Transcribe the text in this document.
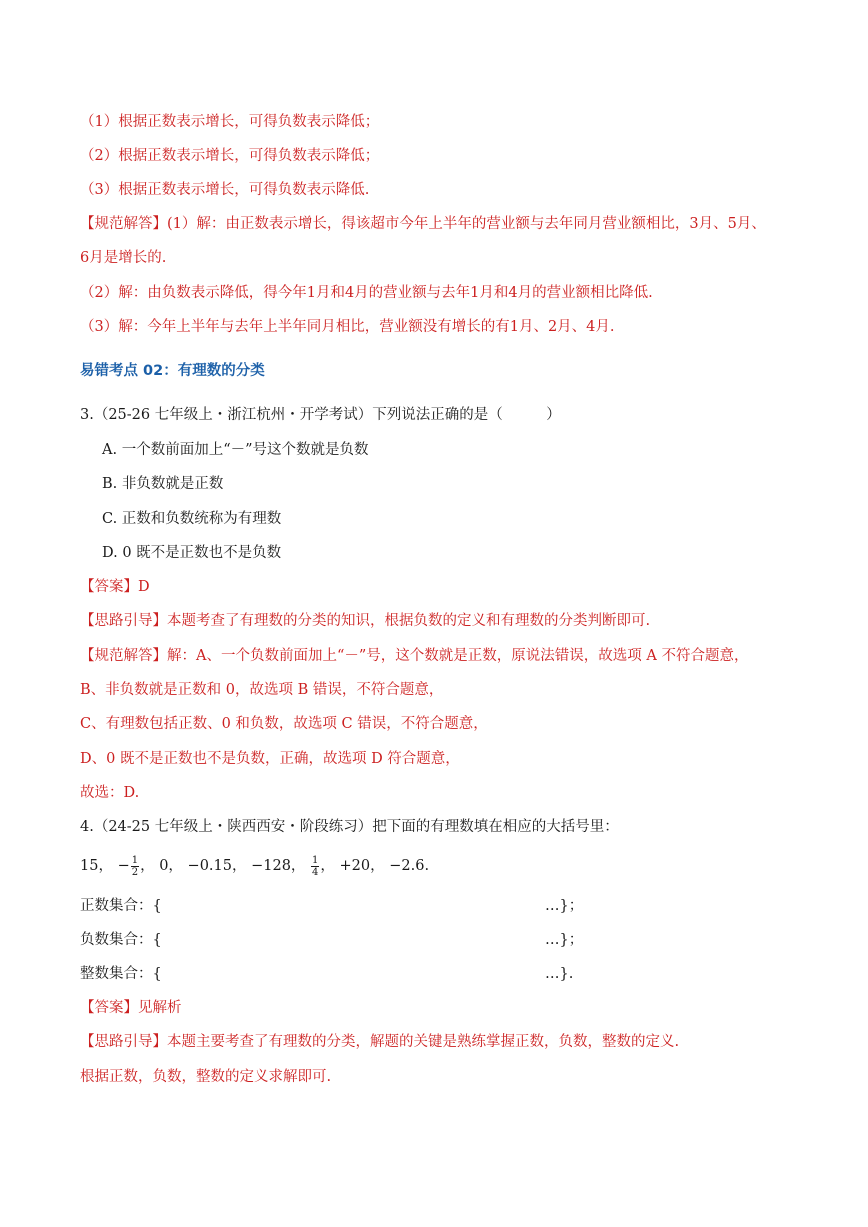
（1）根据正数表示增长，可得负数表示降低；
（2）根据正数表示增长，可得负数表示降低；
（3）根据正数表示增长，可得负数表示降低.
【规范解答】(1）解：由正数表示增长，得该超市今年上半年的营业额与去年同月营业额相比，3月、5月、
6月是增长的.
（2）解：由负数表示降低，得今年1月和4月的营业额与去年1月和4月的营业额相比降低.
（3）解：今年上半年与去年上半年同月相比，营业额没有增长的有1月、2月、4月.
易错考点 02：有理数的分类
3.（25-26 七年级上・浙江杭州・开学考试）下列说法正确的是（　　　）
A. 一个数前面加上“－”号这个数就是负数
B. 非负数就是正数
C. 正数和负数统称为有理数
D. 0 既不是正数也不是负数
【答案】D
【思路引导】本题考查了有理数的分类的知识，根据负数的定义和有理数的分类判断即可.
【规范解答】解：A、一个负数前面加上“－”号，这个数就是正数，原说法错误，故选项 A 不符合题意，
B、非负数就是正数和 0，故选项 B 错误，不符合题意，
C、有理数包括正数、0 和负数，故选项 C 错误，不符合题意，
D、0 既不是正数也不是负数，正确，故选项 D 符合题意，
故选：D.
4.（24-25 七年级上・陕西西安・阶段练习）把下面的有理数填在相应的大括号里：
15， − $\frac{1}{2}$ ， 0， −0.15， −128， $\frac{1}{4}$ ， +20， −2.6.
正数集合：{	…}；
负数集合：{	…}；
整数集合：{	…}.
【答案】见解析
【思路引导】本题主要考查了有理数的分类，解题的关键是熟练掌握正数，负数，整数的定义.
根据正数，负数，整数的定义求解即可.
